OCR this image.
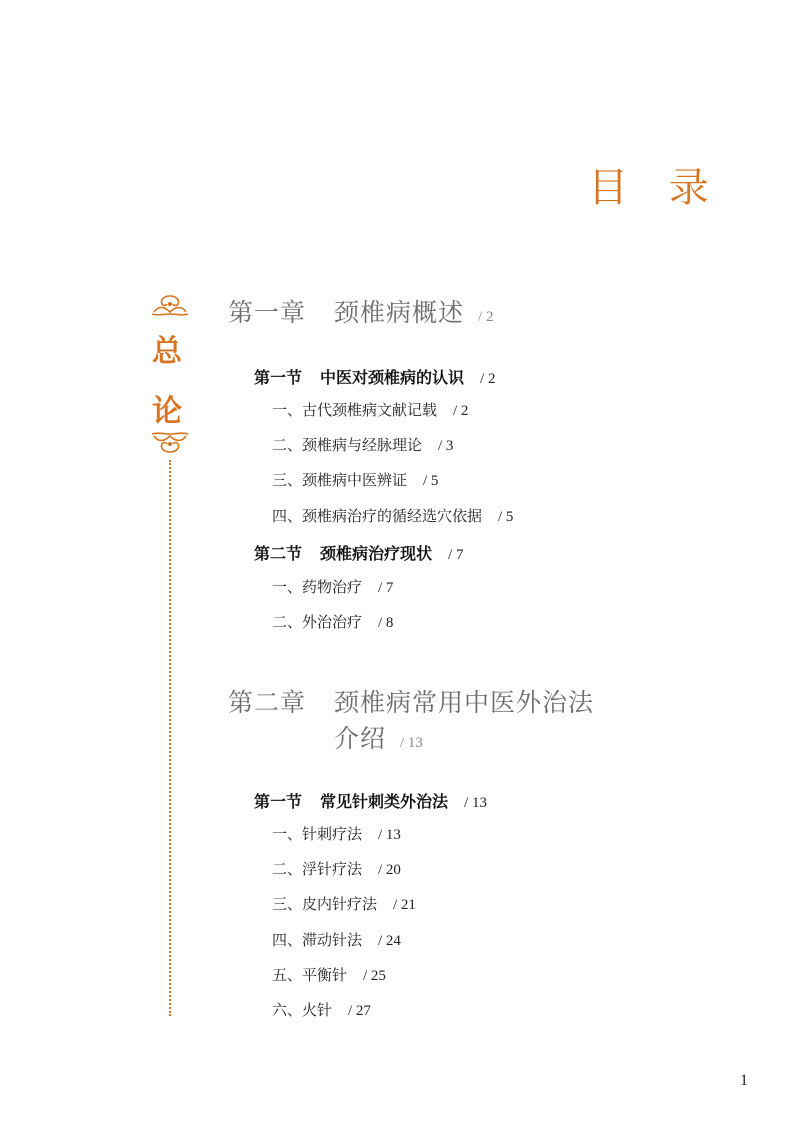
目 录
总
论
第一章 颈椎病概述 / 2
第一节 中医对颈椎病的认识 / 2
一、古代颈椎病文献记载 / 2
二、颈椎病与经脉理论 / 3
三、颈椎病中医辨证 / 5
四、颈椎病治疗的循经选穴依据 / 5
第二节 颈椎病治疗现状 / 7
一、药物治疗 / 7
二、外治治疗 / 8
第二章 颈椎病常用中医外治法
介绍 / 13
第一节 常见针刺类外治法 / 13
一、针刺疗法 / 13
二、浮针疗法 / 20
三、皮内针疗法 / 21
四、滞动针法 / 24
五、平衡针 / 25
六、火针 / 27
1
